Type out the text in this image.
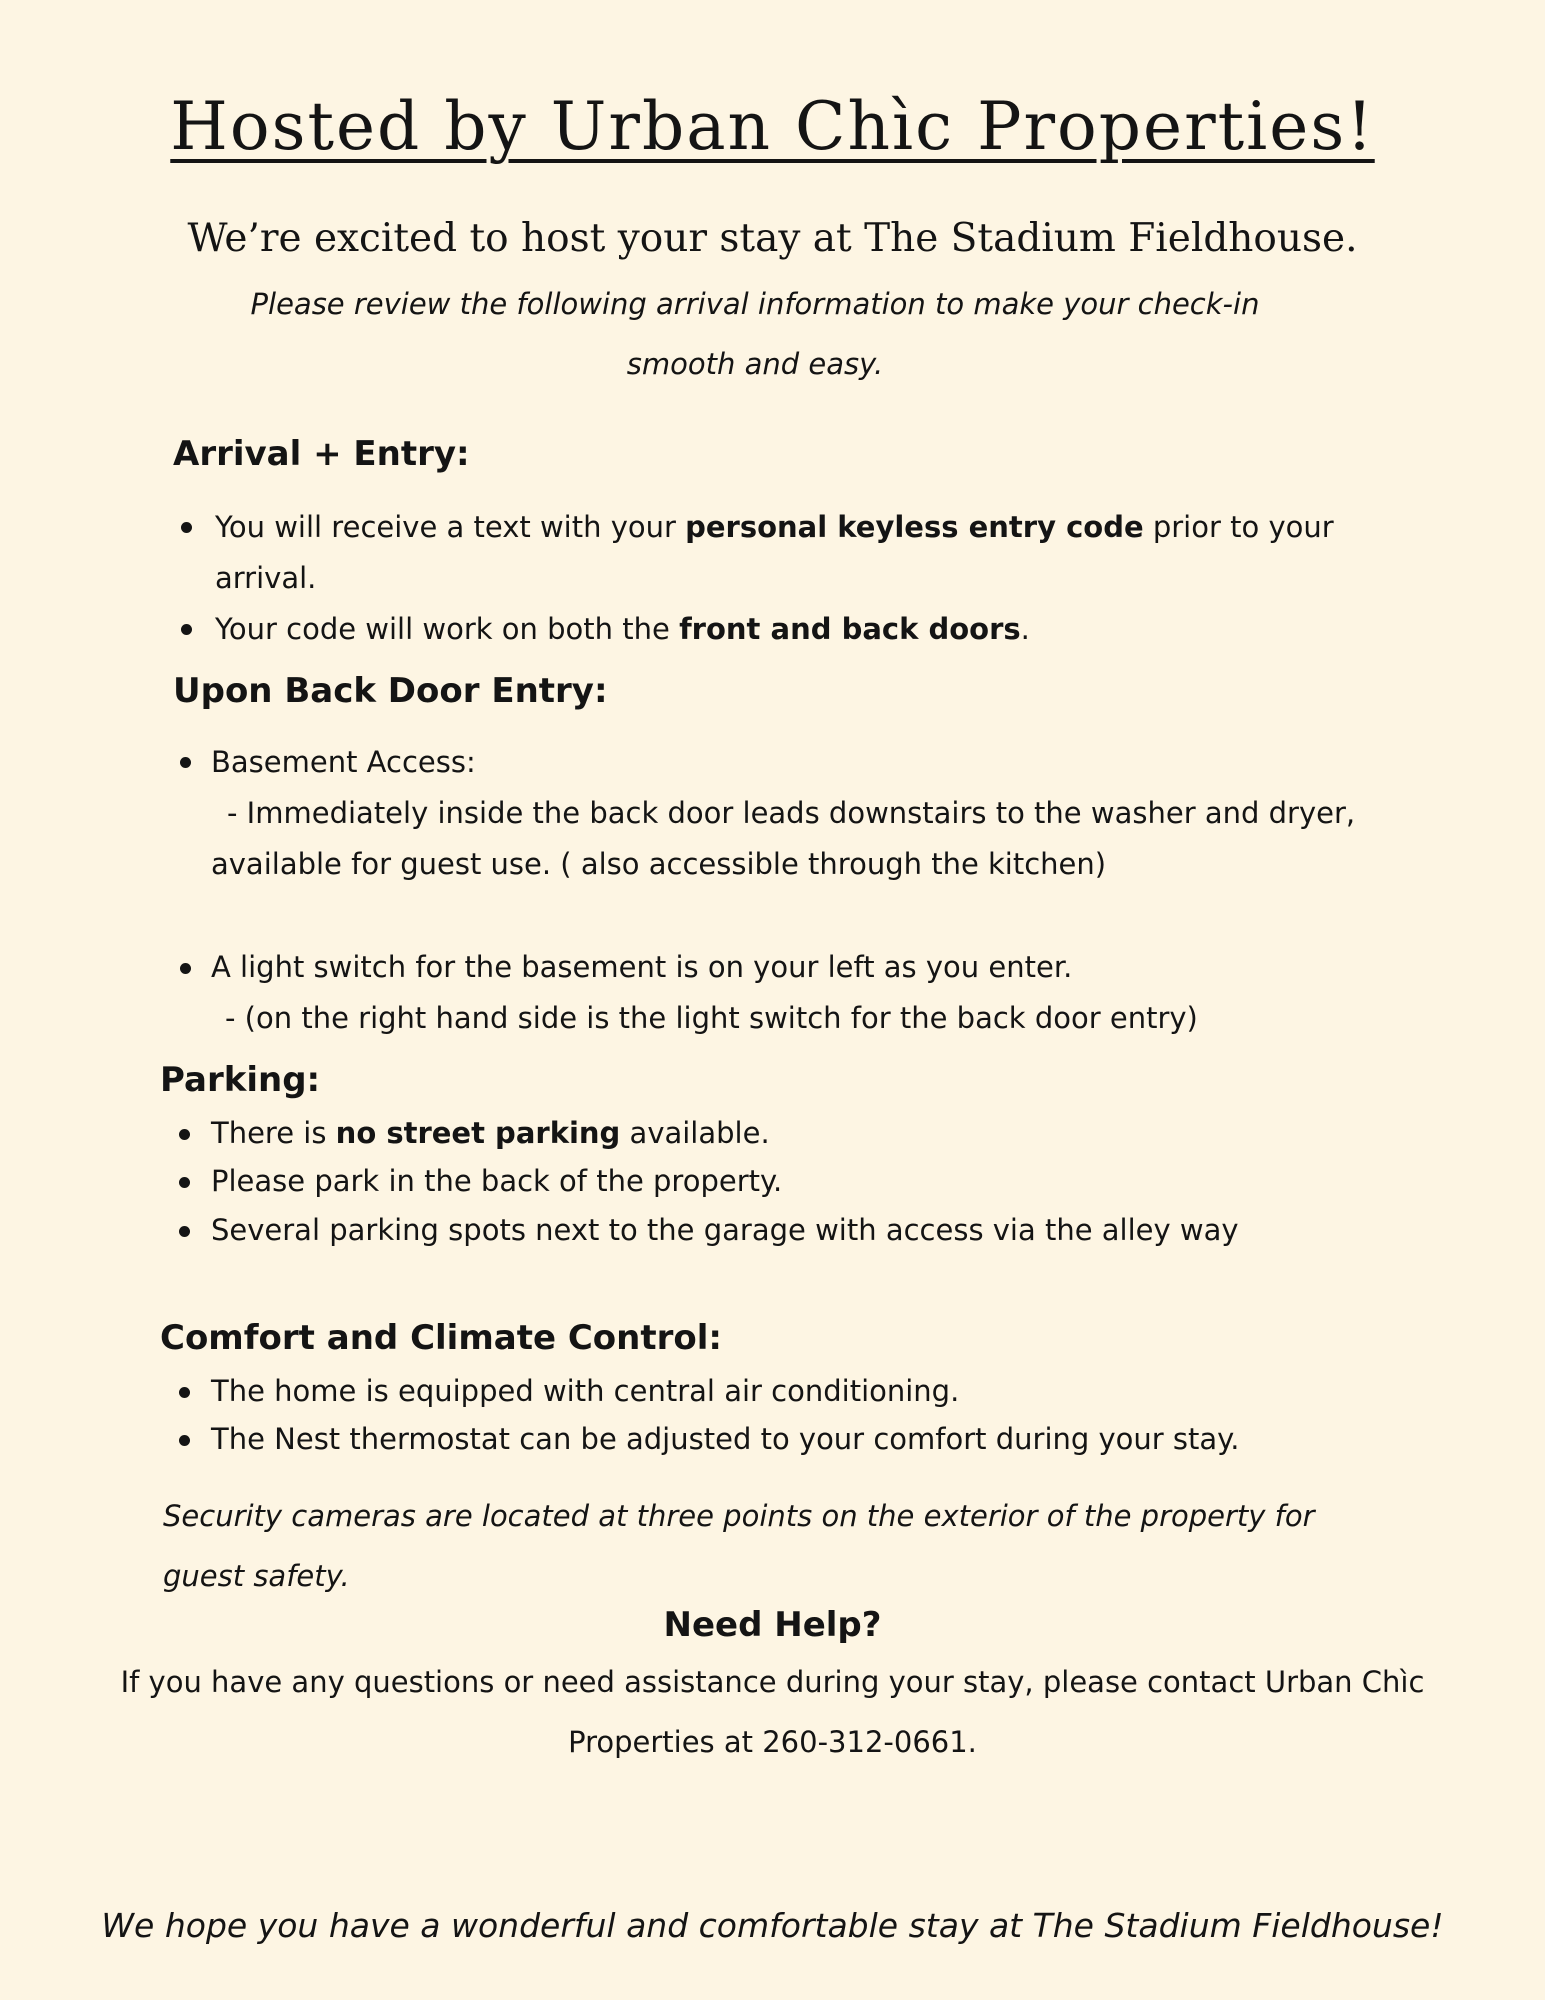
Hosted by Urban Chìc Properties!
We’re excited to host your stay at The Stadium Fieldhouse.
Please review the following arrival information to make your check-in
smooth and easy.
Arrival + Entry:
You will receive a text with your personal keyless entry code prior to your
arrival.
Your code will work on both the front and back doors.
Upon Back Door Entry:
Basement Access:
- Immediately inside the back door leads downstairs to the washer and dryer,
available for guest use. ( also accessible through the kitchen)
A light switch for the basement is on your left as you enter.
- (on the right hand side is the light switch for the back door entry)
Parking:
There is no street parking available.
Please park in the back of the property.
Several parking spots next to the garage with access via the alley way
Comfort and Climate Control:
The home is equipped with central air conditioning.
The Nest thermostat can be adjusted to your comfort during your stay.
Security cameras are located at three points on the exterior of the property for
guest safety.
Need Help?
If you have any questions or need assistance during your stay, please contact Urban Chìc
Properties at 260-312-0661.
We hope you have a wonderful and comfortable stay at The Stadium Fieldhouse!
